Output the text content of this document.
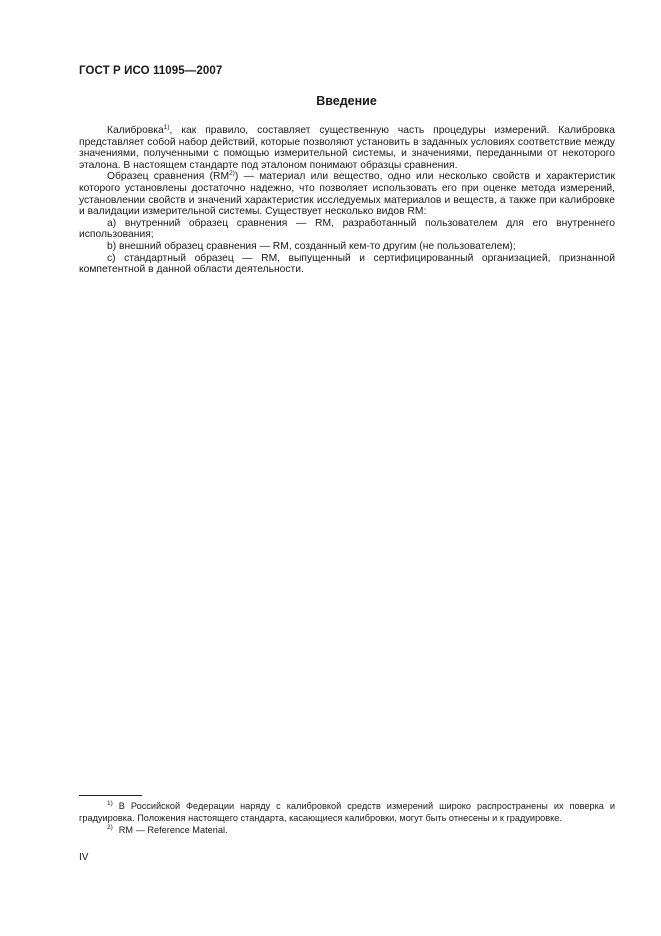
ГОСТ Р ИСО 11095—2007
Введение

Калибровка$^{1)}$, как правило, составляет существенную часть процедуры измерений. Калибровка представляет собой набор действий, которые позволяют установить в заданных условиях соответствие между значениями, полученными с помощью измерительной системы, и значениями, переданными от некоторого эталона. В настоящем стандарте под эталоном понимают образцы сравнения.

Образец сравнения (RM$^{2)}$) — материал или вещество, одно или несколько свойств и характеристик которого установлены достаточно надежно, что позволяет использовать его при оценке метода измерений, установлении свойств и значений характеристик исследуемых материалов и веществ, а также при калибровке и валидации измерительной системы. Существует несколько видов RM:

a) внутренний образец сравнения — RM, разработанный пользователем для его внутреннего использования;

b) внешний образец сравнения — RM, созданный кем-то другим (не пользователем);

c) стандартный образец — RM, выпущенный и сертифицированный организацией, признанной компетентной в данной области деятельности.

$^{1)}$ В Российской Федерации наряду с калибровкой средств измерений широко распространены их поверка и градуировка. Положения настоящего стандарта, касающиеся калибровки, могут быть отнесены и к градуировке.

$^{2)}$ RM — Reference Material.

IV
